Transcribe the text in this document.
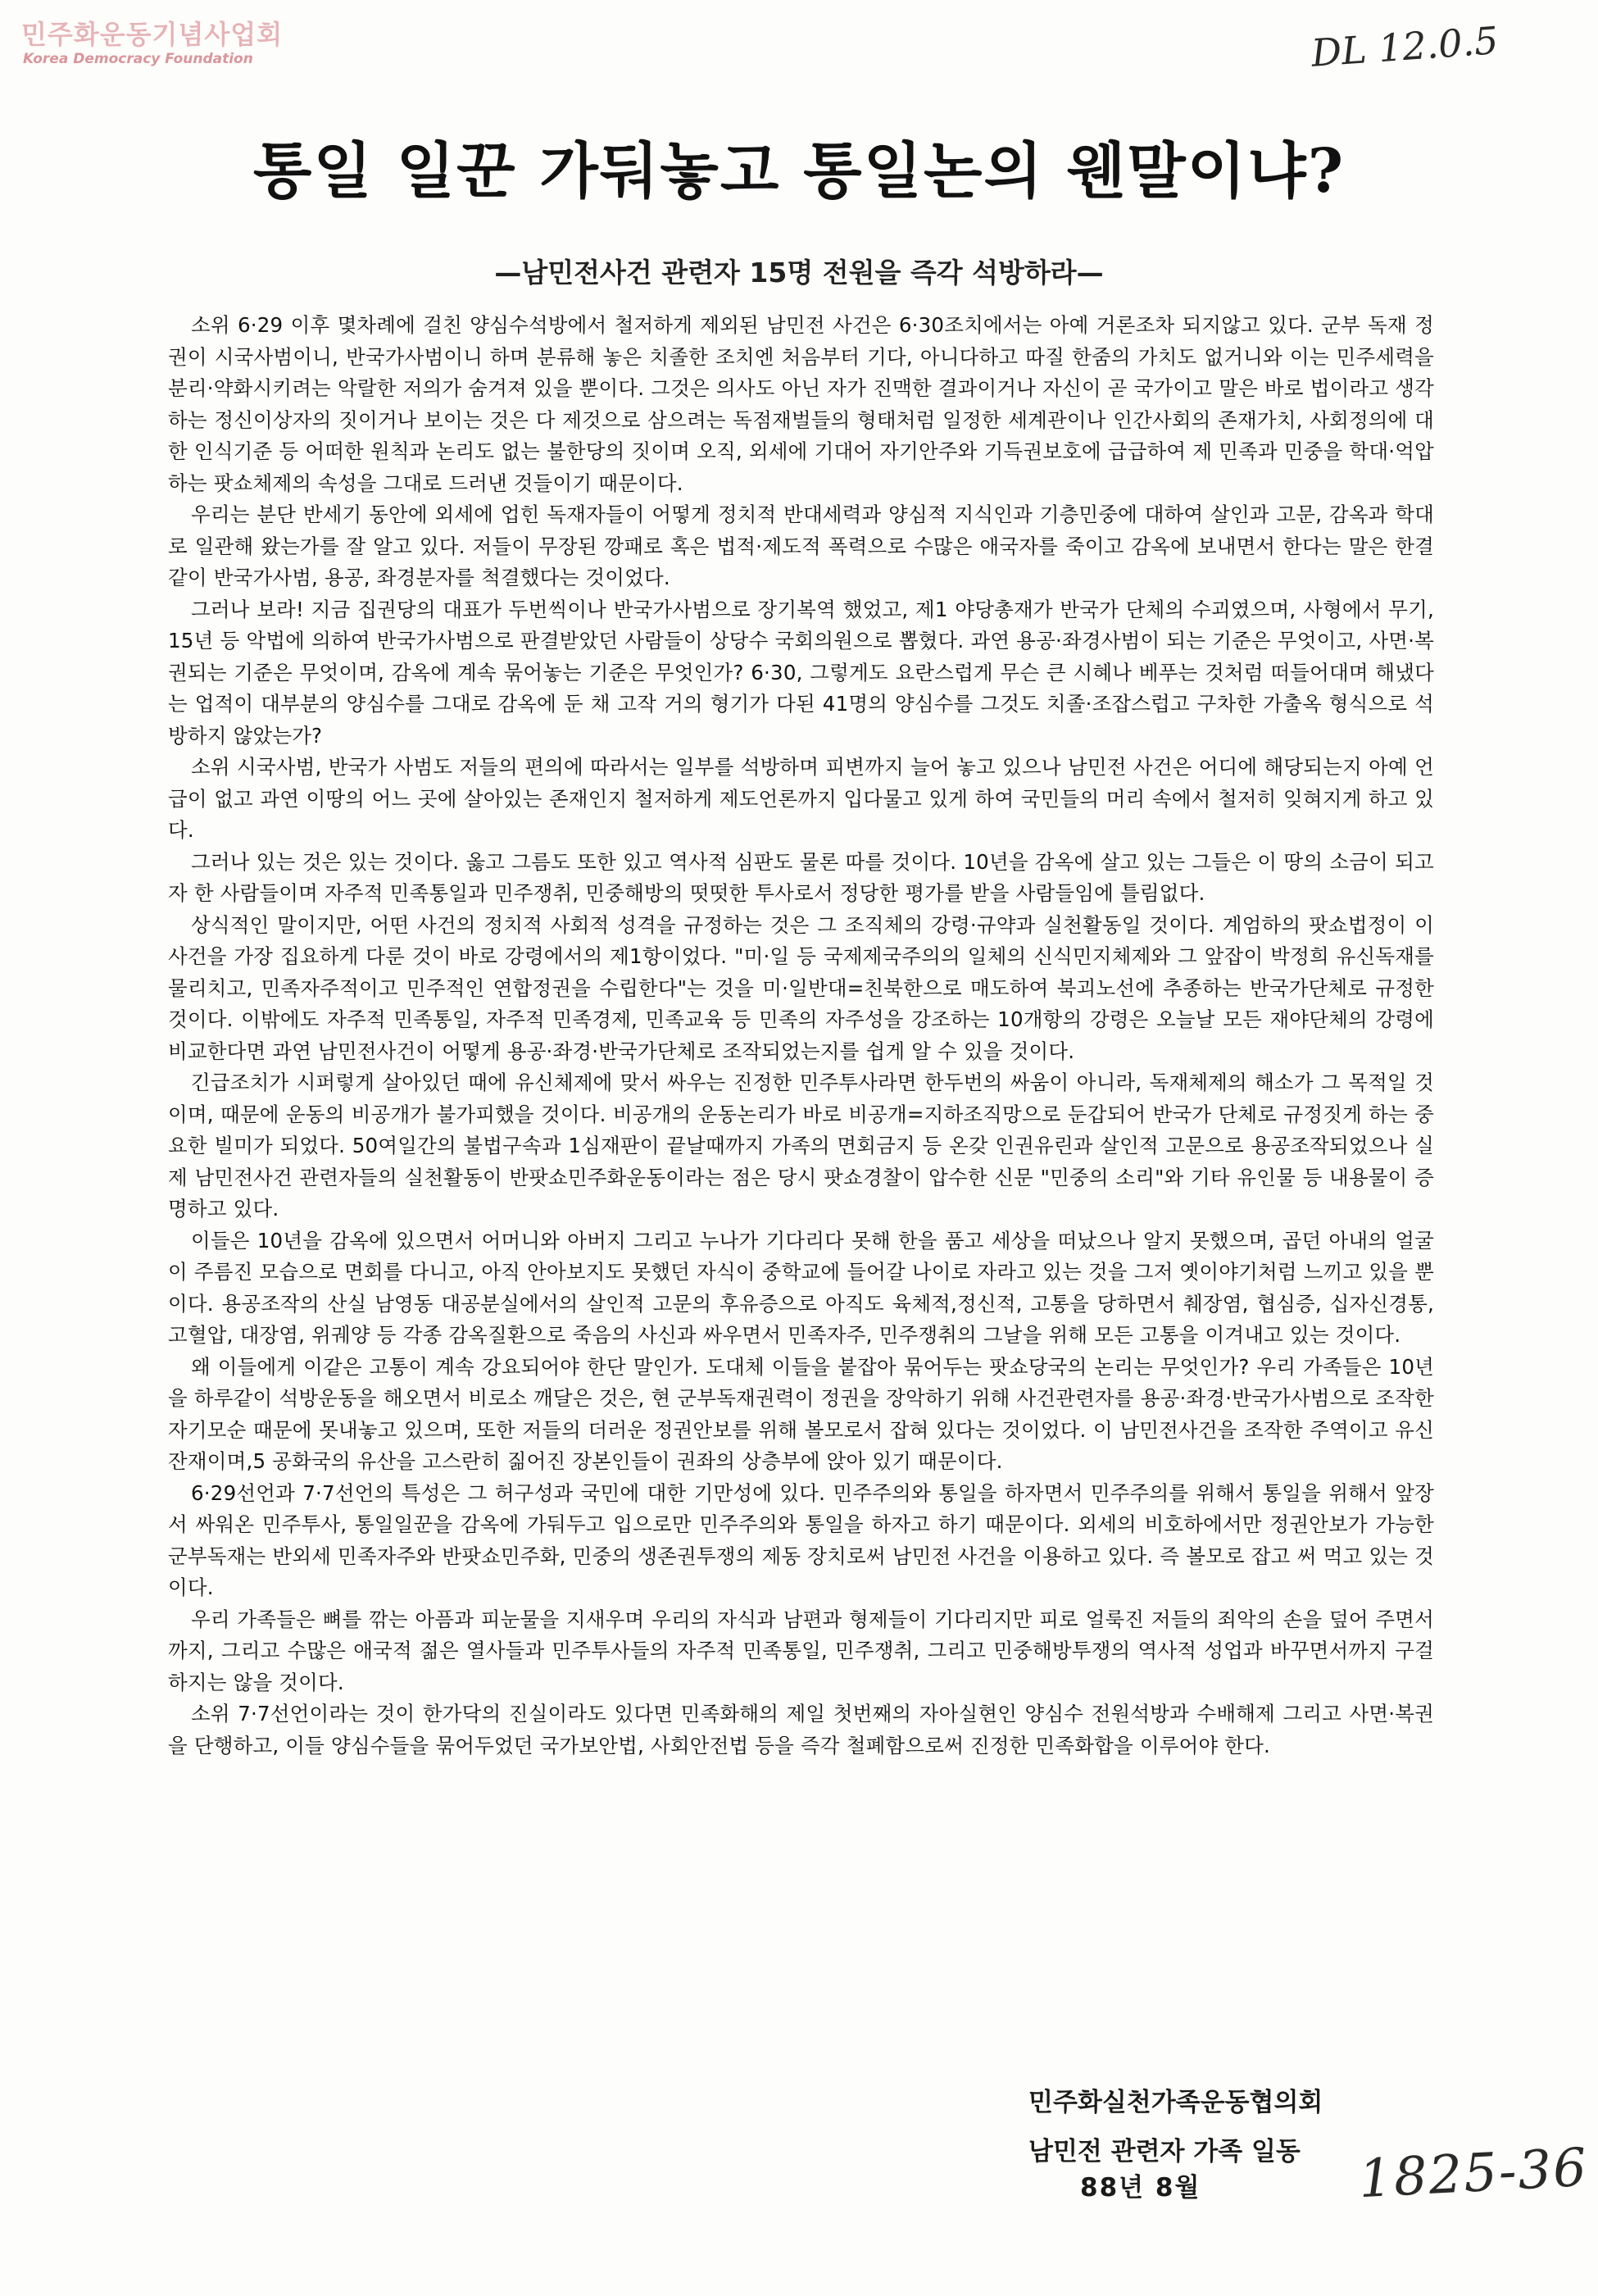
민주화운동기념사업회
Korea Democracy Foundation	DL 12.0.5
통일 일꾼 가둬놓고 통일논의 웬말이냐?
—남민전사건 관련자 15명 전원을 즉각 석방하라—

소위 6·29 이후 몇차례에 걸친 양심수석방에서 철저하게 제외된 남민전 사건은 6·30조치에서는 아예 거론조차 되지않고 있다. 군부 독재 정권이 시국사범이니, 반국가사범이니 하며 분류해 놓은 치졸한 조치엔 처음부터 기다, 아니다하고 따질 한줌의 가치도 없거니와 이는 민주세력을 분리·약화시키려는 악랄한 저의가 숨겨져 있을 뿐이다. 그것은 의사도 아닌 자가 진맥한 결과이거나 자신이 곧 국가이고 말은 바로 법이라고 생각하는 정신이상자의 짓이거나 보이는 것은 다 제것으로 삼으려는 독점재벌들의 형태처럼 일정한 세계관이나 인간사회의 존재가치, 사회정의에 대한 인식기준 등 어떠한 원칙과 논리도 없는 불한당의 짓이며 오직, 외세에 기대어 자기안주와 기득권보호에 급급하여 제 민족과 민중을 학대·억압하는 팟쇼체제의 속성을 그대로 드러낸 것들이기 때문이다.

우리는 분단 반세기 동안에 외세에 업힌 독재자들이 어떻게 정치적 반대세력과 양심적 지식인과 기층민중에 대하여 살인과 고문, 감옥과 학대로 일관해 왔는가를 잘 알고 있다. 저들이 무장된 깡패로 혹은 법적·제도적 폭력으로 수많은 애국자를 죽이고 감옥에 보내면서 한다는 말은 한결같이 반국가사범, 용공, 좌경분자를 척결했다는 것이었다.

그러나 보라! 지금 집권당의 대표가 두번씩이나 반국가사범으로 장기복역 했었고, 제1 야당총재가 반국가 단체의 수괴였으며, 사형에서 무기, 15년 등 악법에 의하여 반국가사범으로 판결받았던 사람들이 상당수 국회의원으로 뽑혔다. 과연 용공·좌경사범이 되는 기준은 무엇이고, 사면·복권되는 기준은 무엇이며, 감옥에 계속 묶어놓는 기준은 무엇인가? 6·30, 그렇게도 요란스럽게 무슨 큰 시혜나 베푸는 것처럼 떠들어대며 해냈다는 업적이 대부분의 양심수를 그대로 감옥에 둔 채 고작 거의 형기가 다된 41명의 양심수를 그것도 치졸·조잡스럽고 구차한 가출옥 형식으로 석방하지 않았는가?

소위 시국사범, 반국가 사범도 저들의 편의에 따라서는 일부를 석방하며 피변까지 늘어 놓고 있으나 남민전 사건은 어디에 해당되는지 아예 언급이 없고 과연 이땅의 어느 곳에 살아있는 존재인지 철저하게 제도언론까지 입다물고 있게 하여 국민들의 머리 속에서 철저히 잊혀지게 하고 있다.

그러나 있는 것은 있는 것이다. 옳고 그름도 또한 있고 역사적 심판도 물론 따를 것이다. 10년을 감옥에 살고 있는 그들은 이 땅의 소금이 되고자 한 사람들이며 자주적 민족통일과 민주쟁취, 민중해방의 떳떳한 투사로서 정당한 평가를 받을 사람들임에 틀림없다.

상식적인 말이지만, 어떤 사건의 정치적 사회적 성격을 규정하는 것은 그 조직체의 강령·규약과 실천활동일 것이다. 계엄하의 팟쇼법정이 이 사건을 가장 집요하게 다룬 것이 바로 강령에서의 제1항이었다. "미·일 등 국제제국주의의 일체의 신식민지체제와 그 앞잡이 박정희 유신독재를 물리치고, 민족자주적이고 민주적인 연합정권을 수립한다"는 것을 미·일반대=친북한으로 매도하여 북괴노선에 추종하는 반국가단체로 규정한 것이다. 이밖에도 자주적 민족통일, 자주적 민족경제, 민족교육 등 민족의 자주성을 강조하는 10개항의 강령은 오늘날 모든 재야단체의 강령에 비교한다면 과연 남민전사건이 어떻게 용공·좌경·반국가단체로 조작되었는지를 쉽게 알 수 있을 것이다.

긴급조치가 시퍼렇게 살아있던 때에 유신체제에 맞서 싸우는 진정한 민주투사라면 한두번의 싸움이 아니라, 독재체제의 해소가 그 목적일 것이며, 때문에 운동의 비공개가 불가피했을 것이다. 비공개의 운동논리가 바로 비공개=지하조직망으로 둔갑되어 반국가 단체로 규정짓게 하는 중요한 빌미가 되었다. 50여일간의 불법구속과 1심재판이 끝날때까지 가족의 면회금지 등 온갖 인권유린과 살인적 고문으로 용공조작되었으나 실제 남민전사건 관련자들의 실천활동이 반팟쇼민주화운동이라는 점은 당시 팟쇼경찰이 압수한 신문 "민중의 소리"와 기타 유인물 등 내용물이 증명하고 있다.

이들은 10년을 감옥에 있으면서 어머니와 아버지 그리고 누나가 기다리다 못해 한을 품고 세상을 떠났으나 알지 못했으며, 곱던 아내의 얼굴이 주름진 모습으로 면회를 다니고, 아직 안아보지도 못했던 자식이 중학교에 들어갈 나이로 자라고 있는 것을 그저 옛이야기처럼 느끼고 있을 뿐이다. 용공조작의 산실 남영동 대공분실에서의 살인적 고문의 후유증으로 아직도 육체적,정신적, 고통을 당하면서 췌장염, 협심증, 십자신경통, 고혈압, 대장염, 위궤양 등 각종 감옥질환으로 죽음의 사신과 싸우면서 민족자주, 민주쟁취의 그날을 위해 모든 고통을 이겨내고 있는 것이다.

왜 이들에게 이같은 고통이 계속 강요되어야 한단 말인가. 도대체 이들을 붙잡아 묶어두는 팟쇼당국의 논리는 무엇인가? 우리 가족들은 10년을 하루같이 석방운동을 해오면서 비로소 깨달은 것은, 현 군부독재권력이 정권을 장악하기 위해 사건관련자를 용공·좌경·반국가사범으로 조작한 자기모순 때문에 못내놓고 있으며, 또한 저들의 더러운 정권안보를 위해 볼모로서 잡혀 있다는 것이었다. 이 남민전사건을 조작한 주역이고 유신잔재이며,5 공화국의 유산을 고스란히 짊어진 장본인들이 권좌의 상층부에 앉아 있기 때문이다.

6·29선언과 7·7선언의 특성은 그 허구성과 국민에 대한 기만성에 있다. 민주주의와 통일을 하자면서 민주주의를 위해서 통일을 위해서 앞장서 싸워온 민주투사, 통일일꾼을 감옥에 가둬두고 입으로만 민주주의와 통일을 하자고 하기 때문이다. 외세의 비호하에서만 정권안보가 가능한 군부독재는 반외세 민족자주와 반팟쇼민주화, 민중의 생존권투쟁의 제동 장치로써 남민전 사건을 이용하고 있다. 즉 볼모로 잡고 써 먹고 있는 것이다.

우리 가족들은 뼈를 깎는 아픔과 피눈물을 지새우며 우리의 자식과 남편과 형제들이 기다리지만 피로 얼룩진 저들의 죄악의 손을 덮어 주면서까지, 그리고 수많은 애국적 젊은 열사들과 민주투사들의 자주적 민족통일, 민주쟁취, 그리고 민중해방투쟁의 역사적 성업과 바꾸면서까지 구걸하지는 않을 것이다.

소위 7·7선언이라는 것이 한가닥의 진실이라도 있다면 민족화해의 제일 첫번째의 자아실현인 양심수 전원석방과 수배해제 그리고 사면·복권을 단행하고, 이들 양심수들을 묶어두었던 국가보안법, 사회안전법 등을 즉각 철폐함으로써 진정한 민족화합을 이루어야 한다.

민주화실천가족운동협의회
남민전 관련자 가족 일동
88년 8월	1825-36
